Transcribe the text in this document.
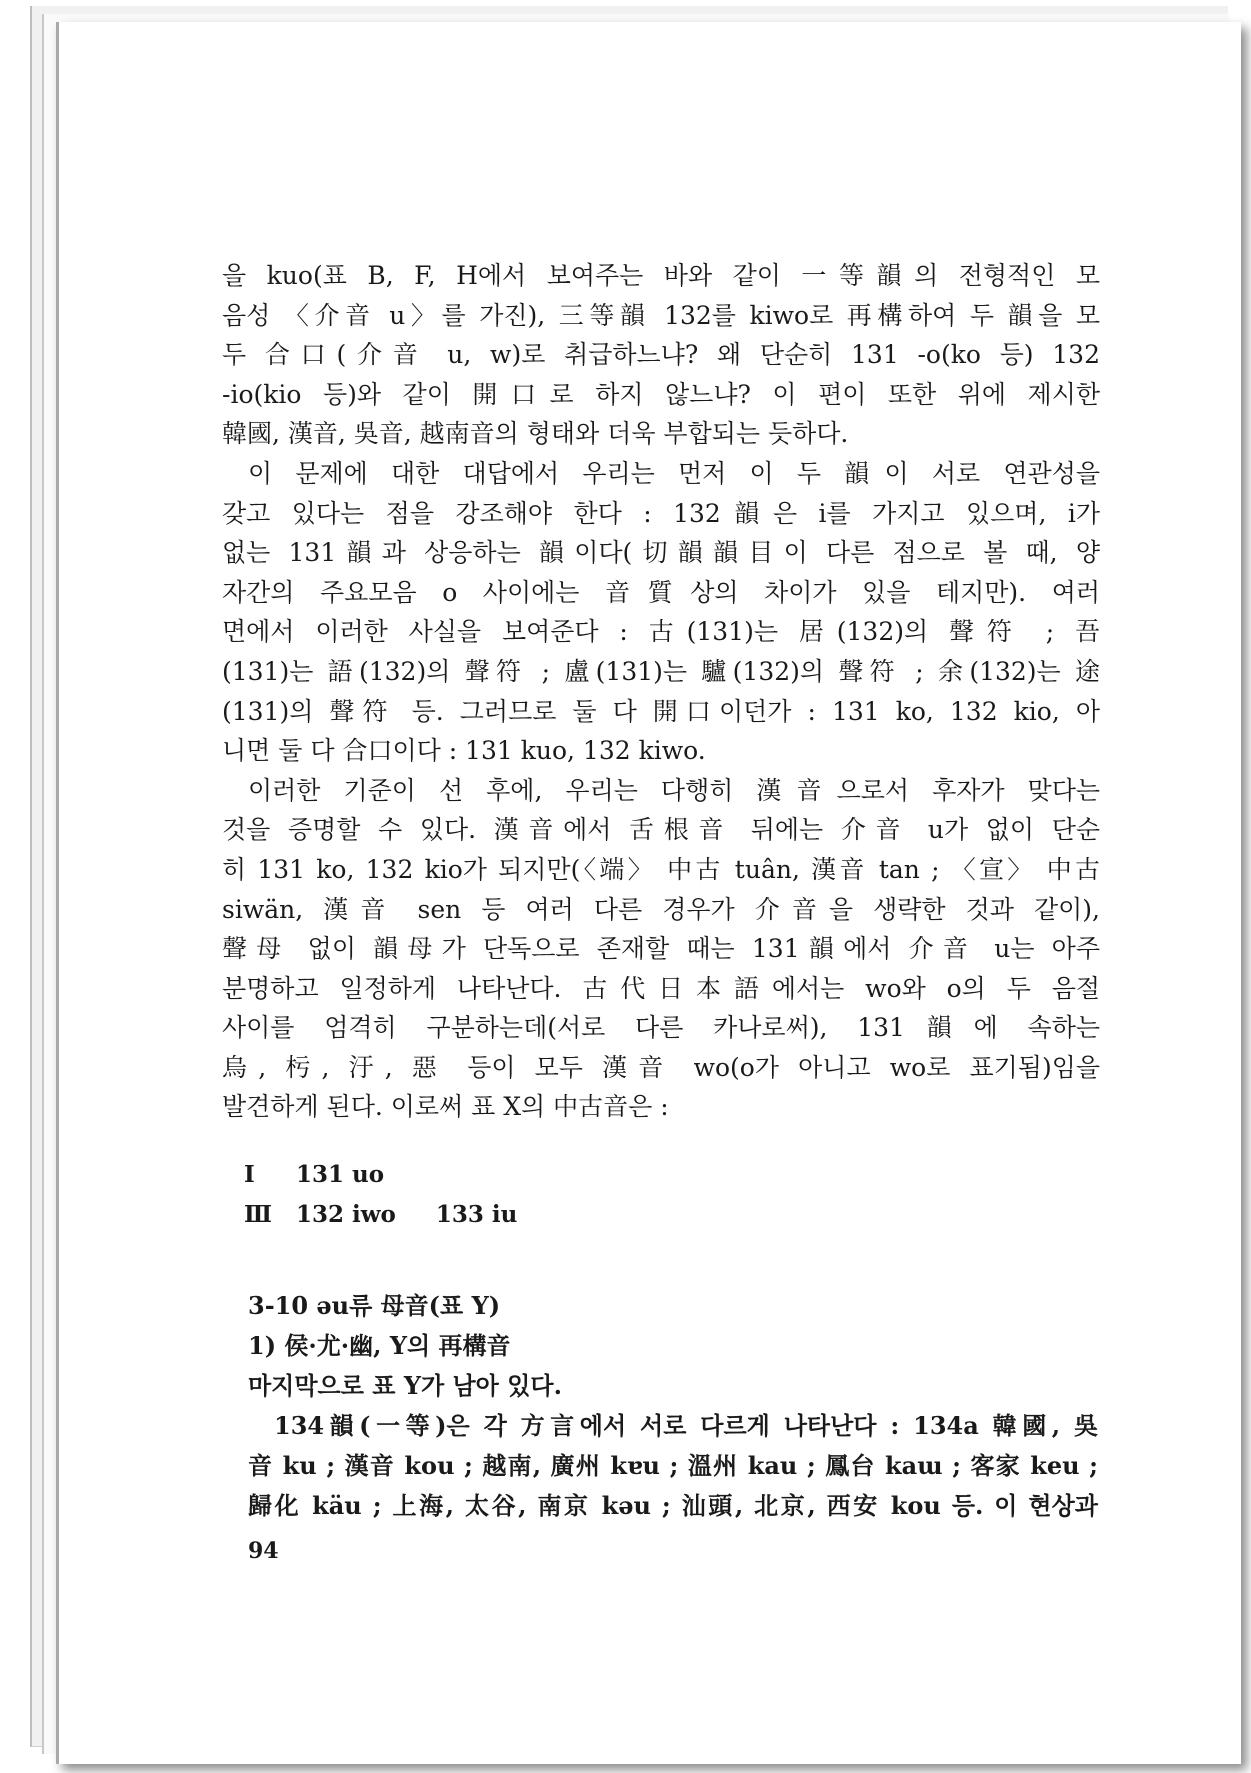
을 kuo(표 B, F, H에서 보여주는 바와 같이 一等韻의 전형적인 모

음성 〈介音 u〉를 가진), 三等韻 132를 kiwo로 再構하여 두 韻을 모

두 合口(介音 u, w)로 취급하느냐? 왜 단순히 131 -o(ko 등) 132

-io(kio 등)와 같이 開口로 하지 않느냐? 이 편이 또한 위에 제시한

韓國, 漢音, 吳音, 越南音의 형태와 더욱 부합되는 듯하다.

이 문제에 대한 대답에서 우리는 먼저 이 두 韻이 서로 연관성을

갖고 있다는 점을 강조해야 한다 : 132韻은 i를 가지고 있으며, i가

없는 131韻과 상응하는 韻이다(切韻韻目이 다른 점으로 볼 때, 양

자간의 주요모음 o 사이에는 音質상의 차이가 있을 테지만). 여러

면에서 이러한 사실을 보여준다 : 古(131)는 居(132)의 聲符 ; 吾

(131)는 語(132)의 聲符 ; 盧(131)는 驢(132)의 聲符 ; 余(132)는 途

(131)의 聲符 등. 그러므로 둘 다 開口이던가 : 131 ko, 132 kio, 아

니면 둘 다 合口이다 : 131 kuo, 132 kiwo.

이러한 기준이 선 후에, 우리는 다행히 漢音으로서 후자가 맞다는

것을 증명할 수 있다. 漢音에서 舌根音 뒤에는 介音 u가 없이 단순

히 131 ko, 132 kio가 되지만(〈端〉 中古 tuân, 漢音 tan ; 〈宣〉 中古

siwän, 漢音 sen 등 여러 다른 경우가 介音을 생략한 것과 같이),

聲母 없이 韻母가 단독으로 존재할 때는 131韻에서 介音 u는 아주

분명하고 일정하게 나타난다. 古代日本語에서는 wo와 o의 두 음절

사이를 엄격히 구분하는데(서로 다른 카나로써), 131韻에 속하는

烏, 杇, 汙, 惡 등이 모두 漢音 wo(o가 아니고 wo로 표기됨)임을

발견하게 된다. 이로써 표 X의 中古音은 :

Ⅰ	131 uo
Ⅲ 132 iwo 133 iu

3-10 ǝu류 母音(표 Y)

1) 侯·尤·幽, Y의 再構音

마지막으로 표 Y가 남아 있다.

134韻(一等)은 각 方言에서 서로 다르게 나타난다 : 134a 韓國, 吳

音 ku ; 漢音 kou ; 越南, 廣州 kɐu ; 溫州 kau ; 鳳台 kaɯ ; 客家 keu ;

歸化 käu ; 上海, 太谷, 南京 kǝu ; 汕頭, 北京, 西安 kou 등. 이 현상과

94
